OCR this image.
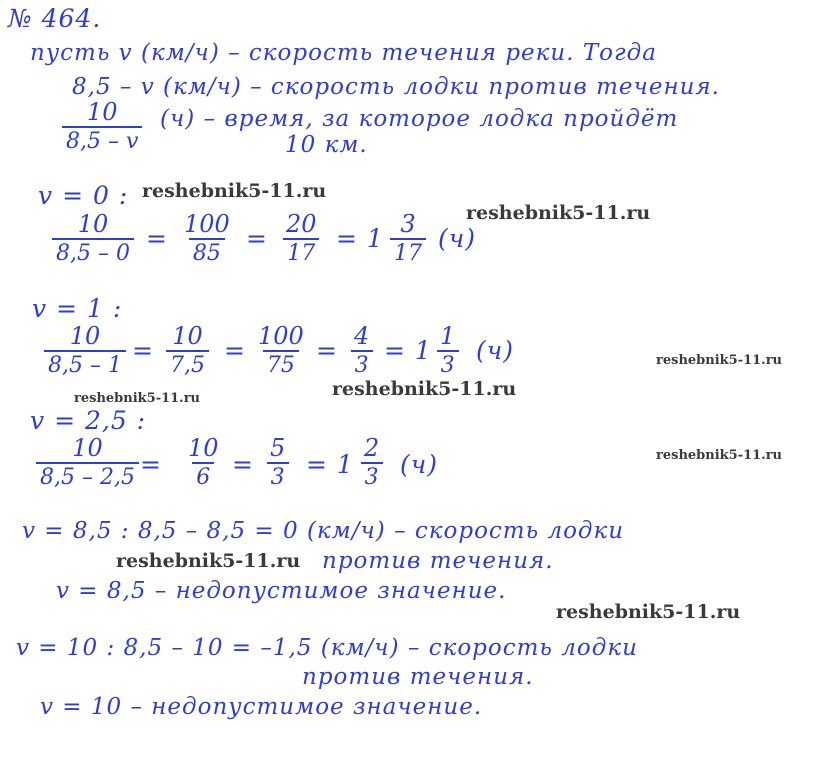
№ 464.
пусть v (км/ч) – скорость течения реки. Тогда
8,5 – v (км/ч) – скорость лодки против течения.
$\frac{10}{8,5 - v} (ч)$ – время, за которое лодка пройдёт
10 км.
v = 0 :
$\frac{10}{8,5 - 0} = \frac{100}{85} = \frac{20}{17} = 1 \frac{3}{17} (ч)$
v = 1 :
$\frac{10}{8,5 - 1} = \frac{10}{7,5} = \frac{100}{75} = \frac{4}{3} = 1 \frac{1}{3} (ч)$
v = 2,5 :
$\frac{10}{8,5 - 2,5} = \frac{10}{6} = \frac{5}{3} = 1 \frac{2}{3} (ч)$
v = 8,5 : 8,5 – 8,5 = 0 (км/ч) – скорость лодки
против течения.
v = 8,5 – недопустимое значение.
v = 10 : 8,5 – 10 = –1,5 (км/ч) – скорость лодки
против течения.
v = 10 – недопустимое значение.
reshebnik5-11.ru
reshebnik5-11.ru
reshebnik5-11.ru
reshebnik5-11.ru	reshebnik5-11.ru
reshebnik5-11.ru
reshebnik5-11.ru
reshebnik5-11.ru
